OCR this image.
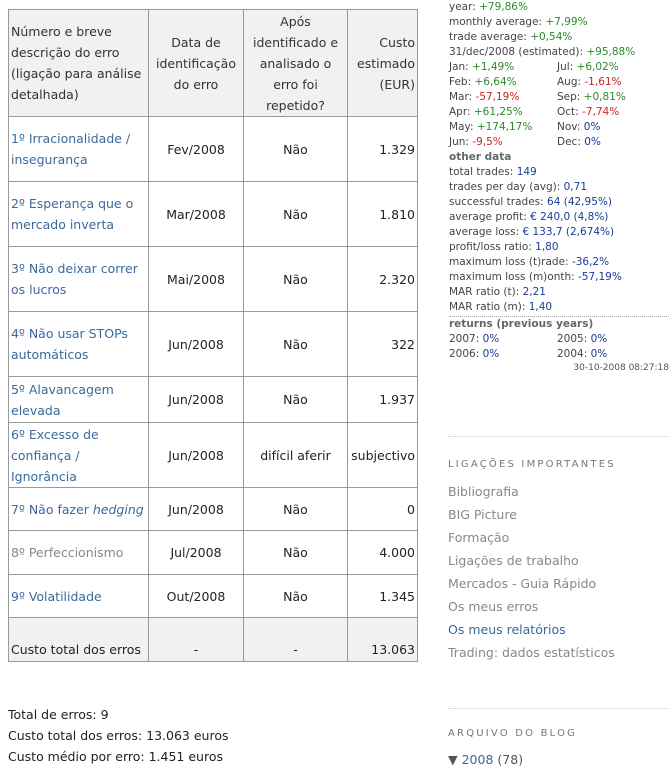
Número e breve descrição do erro (ligação para análise detalhada)	Data de identificação do erro	Após identificado e analisado o erro foi repetido?	Custo estimado (EUR)
1º Irracionalidade / insegurança	Fev/2008	Não	1.329
2º Esperança que o mercado inverta	Mar/2008	Não	1.810
3º Não deixar correr os lucros	Mai/2008	Não	2.320
4º Não usar STOPs automáticos	Jun/2008	Não	322
5º Alavancagem elevada	Jun/2008	Não	1.937
6º Excesso de confiança / Ignorância	Jun/2008	difícil aferir	subjectivo
7º Não fazer hedging	Jun/2008	Não	0
8º Perfeccionismo	Jul/2008	Não	4.000
9º Volatilidade	Out/2008	Não	1.345
Custo total dos erros	-	-	13.063
Total de erros: 9
Custo total dos erros: 13.063 euros
Custo médio por erro: 1.451 euros
year: +79,86%
monthly average: +7,99%
trade average: +0,54%
31/dec/2008 (estimated): +95,88%
Jan: +1,49%	Jul: +6,02%
Feb: +6,64%	Aug: -1,61%
Mar: -57,19%	Sep: +0,81%
Apr: +61,25%	Oct: -7,74%
May: +174,17% Nov: 0%
Jun: -9,5%	Dec: 0%
other data
total trades: 149
trades per day (avg): 0,71
successful trades: 64 (42,95%)
average profit: € 240,0 (4,8%)
average loss: € 133,7 (2,674%)
profit/loss ratio: 1,80
maximum loss (t)rade: -36,2%
maximum loss (m)onth: -57,19%
MAR ratio (t): 2,21
MAR ratio (m): 1,40
returns (previous years)
2007: 0%	2005: 0%
2006: 0%	2004: 0%
30-10-2008 08:27:18
LIGAÇÕES IMPORTANTES
Bibliografia
BIG Picture
Formação
Ligações de trabalho
Mercados - Guia Rápido
Os meus erros
Os meus relatórios
Trading: dados estatísticos
ARQUIVO DO BLOG
▼ 2008 (78)
